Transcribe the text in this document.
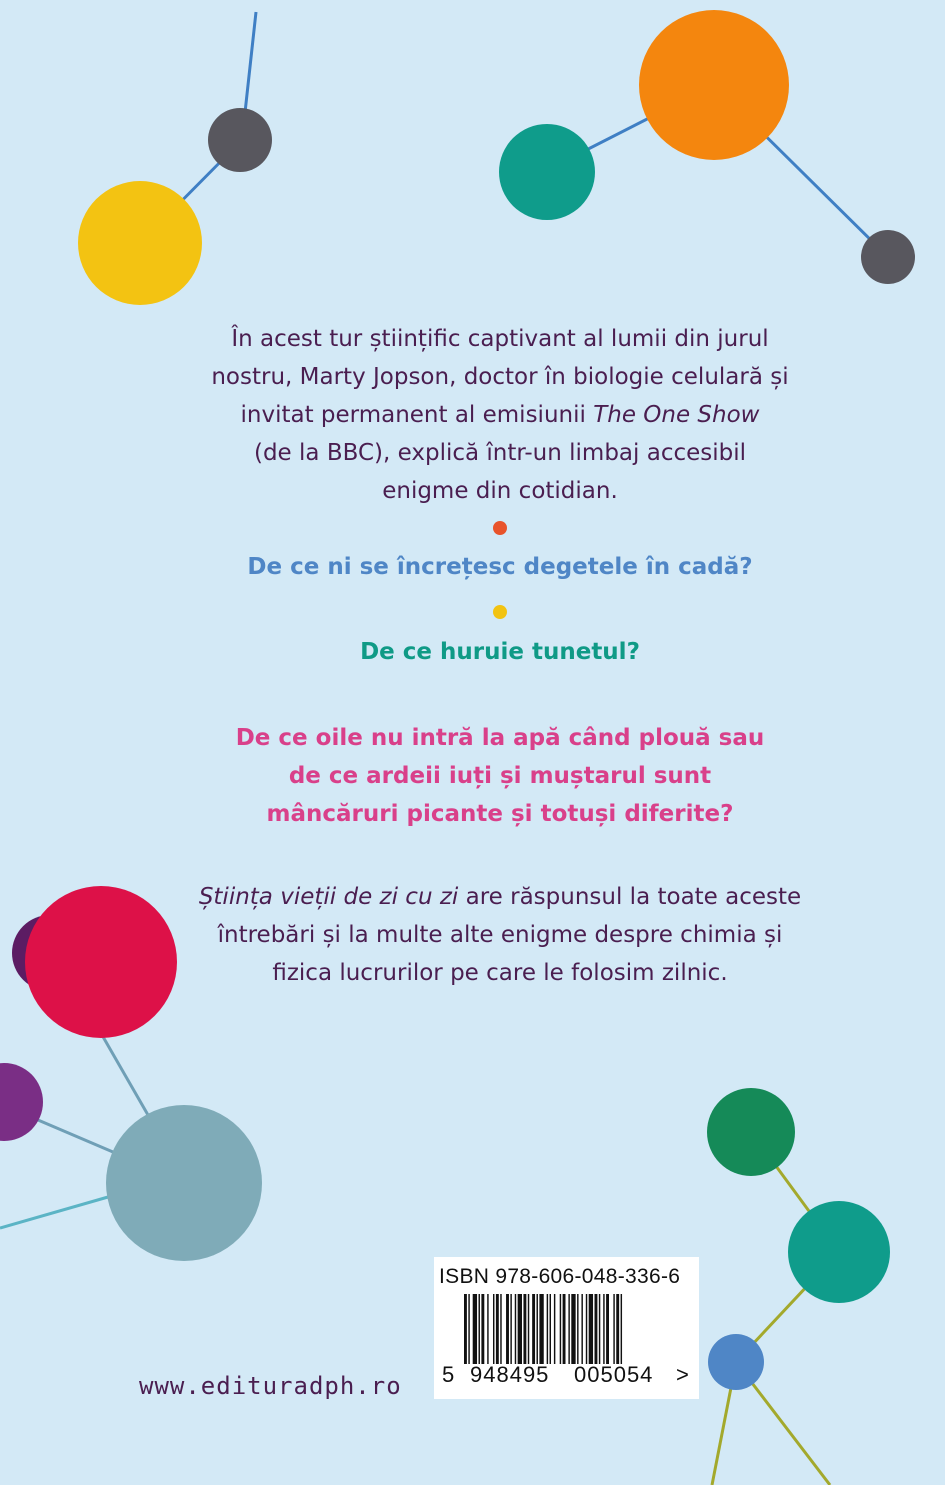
În acest tur științific captivant al lumii din jurul
nostru, Marty Jopson, doctor în biologie celulară și
invitat permanent al emisiunii The One Show
(de la BBC), explică într-un limbaj accesibil
enigme din cotidian.
De ce ni se încrețesc degetele în cadă?
De ce huruie tunetul?
De ce oile nu intră la apă când plouă sau
de ce ardeii iuți și muștarul sunt
mâncăruri picante și totuși diferite?
Știința vieții de zi cu zi are răspunsul la toate aceste
întrebări și la multe alte enigme despre chimia și
fizica lucrurilor pe care le folosim zilnic.
www.edituradph.ro
ISBN 978-606-048-336-6
5 948495 005054 >
